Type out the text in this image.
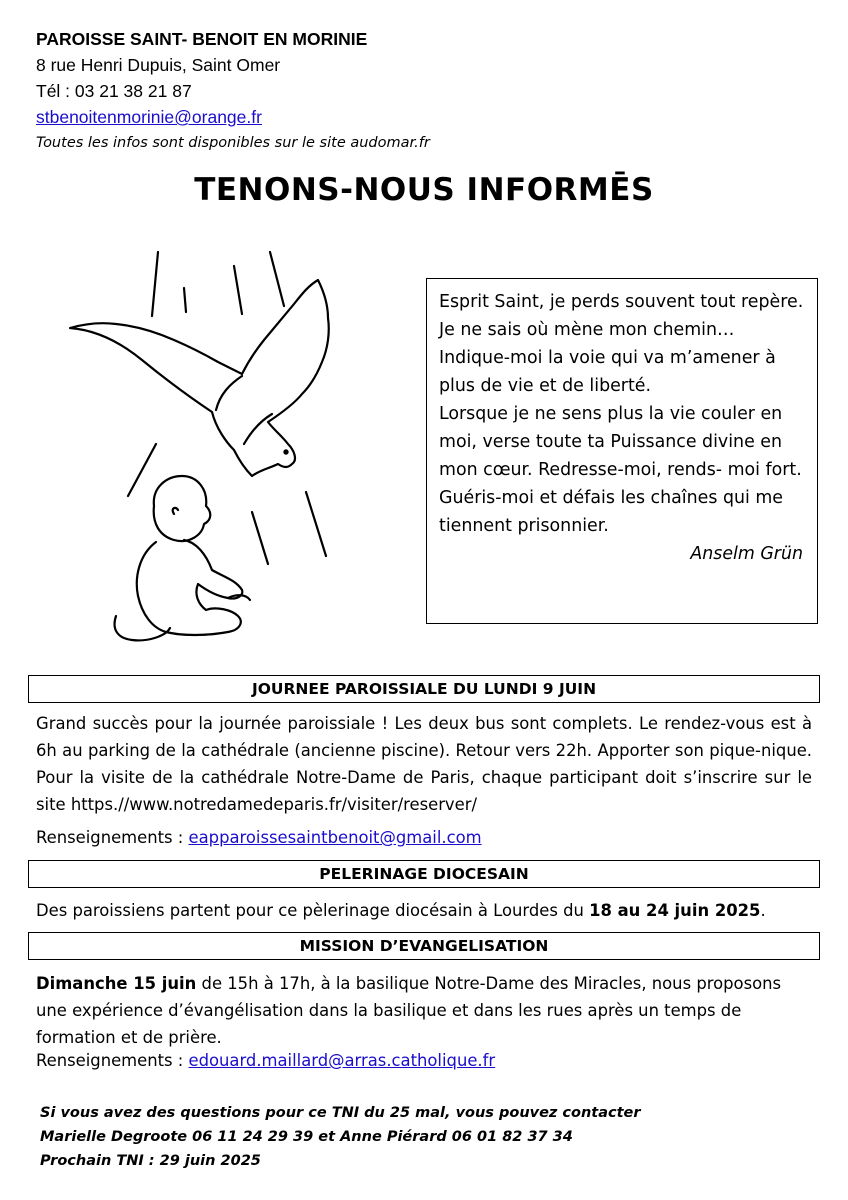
PAROISSE SAINT- BENOIT EN MORINIE
8 rue Henri Dupuis, Saint Omer
Tél : 03 21 38 21 87
stbenoitenmorinie@orange.fr
Toutes les infos sont disponibles sur le site audomar.fr
TENONS-NOUS INFORMĒS

Esprit Saint, je perds souvent tout repère. Je ne sais où mène mon chemin…

Indique-moi la voie qui va m’amener à plus de vie et de liberté.

Lorsque je ne sens plus la vie couler en moi, verse toute ta Puissance divine en mon cœur. Redresse-moi, rends- moi fort.

Guéris-moi et défais les chaînes qui me tiennent prisonnier.

Anselm Grün

JOURNEE PAROISSIALE DU LUNDI 9 JUIN
Grand succès pour la journée paroissiale ! Les deux bus sont complets. Le rendez-vous est à 6h au parking de la cathédrale (ancienne piscine). Retour vers 22h. Apporter son pique-nique. Pour la visite de la cathédrale Notre-Dame de Paris, chaque participant doit s’inscrire sur le site https.//www.notredamedeparis.fr/visiter/reserver/
Renseignements : eapparoissesaintbenoit@gmail.com
PELERINAGE DIOCESAIN
Des paroissiens partent pour ce pèlerinage diocésain à Lourdes du 18 au 24 juin 2025.
MISSION D’EVANGELISATION
Dimanche 15 juin de 15h à 17h, à la basilique Notre-Dame des Miracles, nous proposons une expérience d’évangélisation dans la basilique et dans les rues après un temps de formation et de prière.
Renseignements : edouard.maillard@arras.catholique.fr
Si vous avez des questions pour ce TNI du 25 mal, vous pouvez contacter
Marielle Degroote 06 11 24 29 39 et Anne Piérard 06 01 82 37 34
Prochain TNI : 29 juin 2025
